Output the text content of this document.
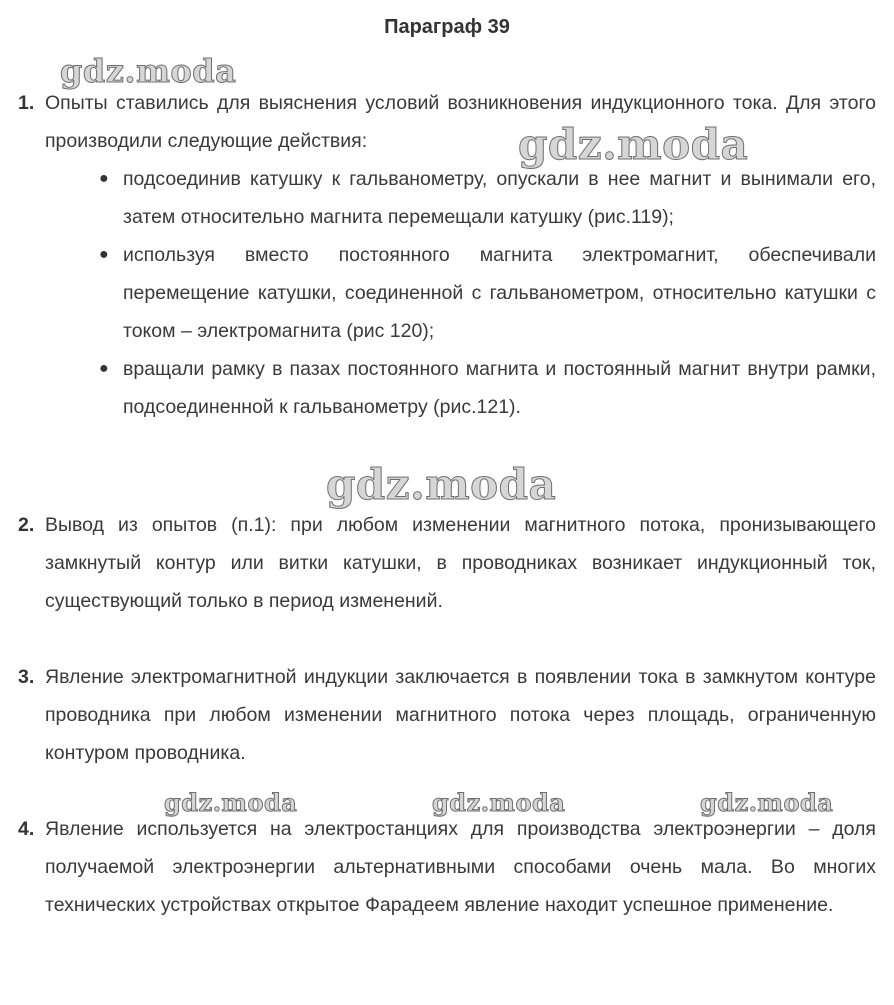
Параграф 39
1. Опыты ставились для выяснения условий возникновения индукционного тока. Для этого производили следующие действия:
● подсоединив катушку к гальванометру, опускали в нее магнит и вынимали его, затем относительно магнита перемещали катушку (рис.119);
● используя вместо постоянного магнита электромагнит, обеспечивали перемещение катушки, соединенной с гальванометром, относительно катушки с током – электромагнита (рис 120);
● вращали рамку в пазах постоянного магнита и постоянный магнит внутри рамки, подсоединенной к гальванометру (рис.121).
2. Вывод из опытов (п.1): при любом изменении магнитного потока, пронизывающего замкнутый контур или витки катушки, в проводниках возникает индукционный ток, существующий только в период изменений.
3. Явление электромагнитной индукции заключается в появлении тока в замкнутом контуре проводника при любом изменении магнитного потока через площадь, ограниченную контуром проводника.
4. Явление используется на электростанциях для производства электроэнергии – доля получаемой электроэнергии альтернативными способами очень мала. Во многих технических устройствах открытое Фарадеем явление находит успешное применение.
gdz.moda
gdz.moda
gdz.moda
gdz.moda	gdz.moda	gdz.moda
